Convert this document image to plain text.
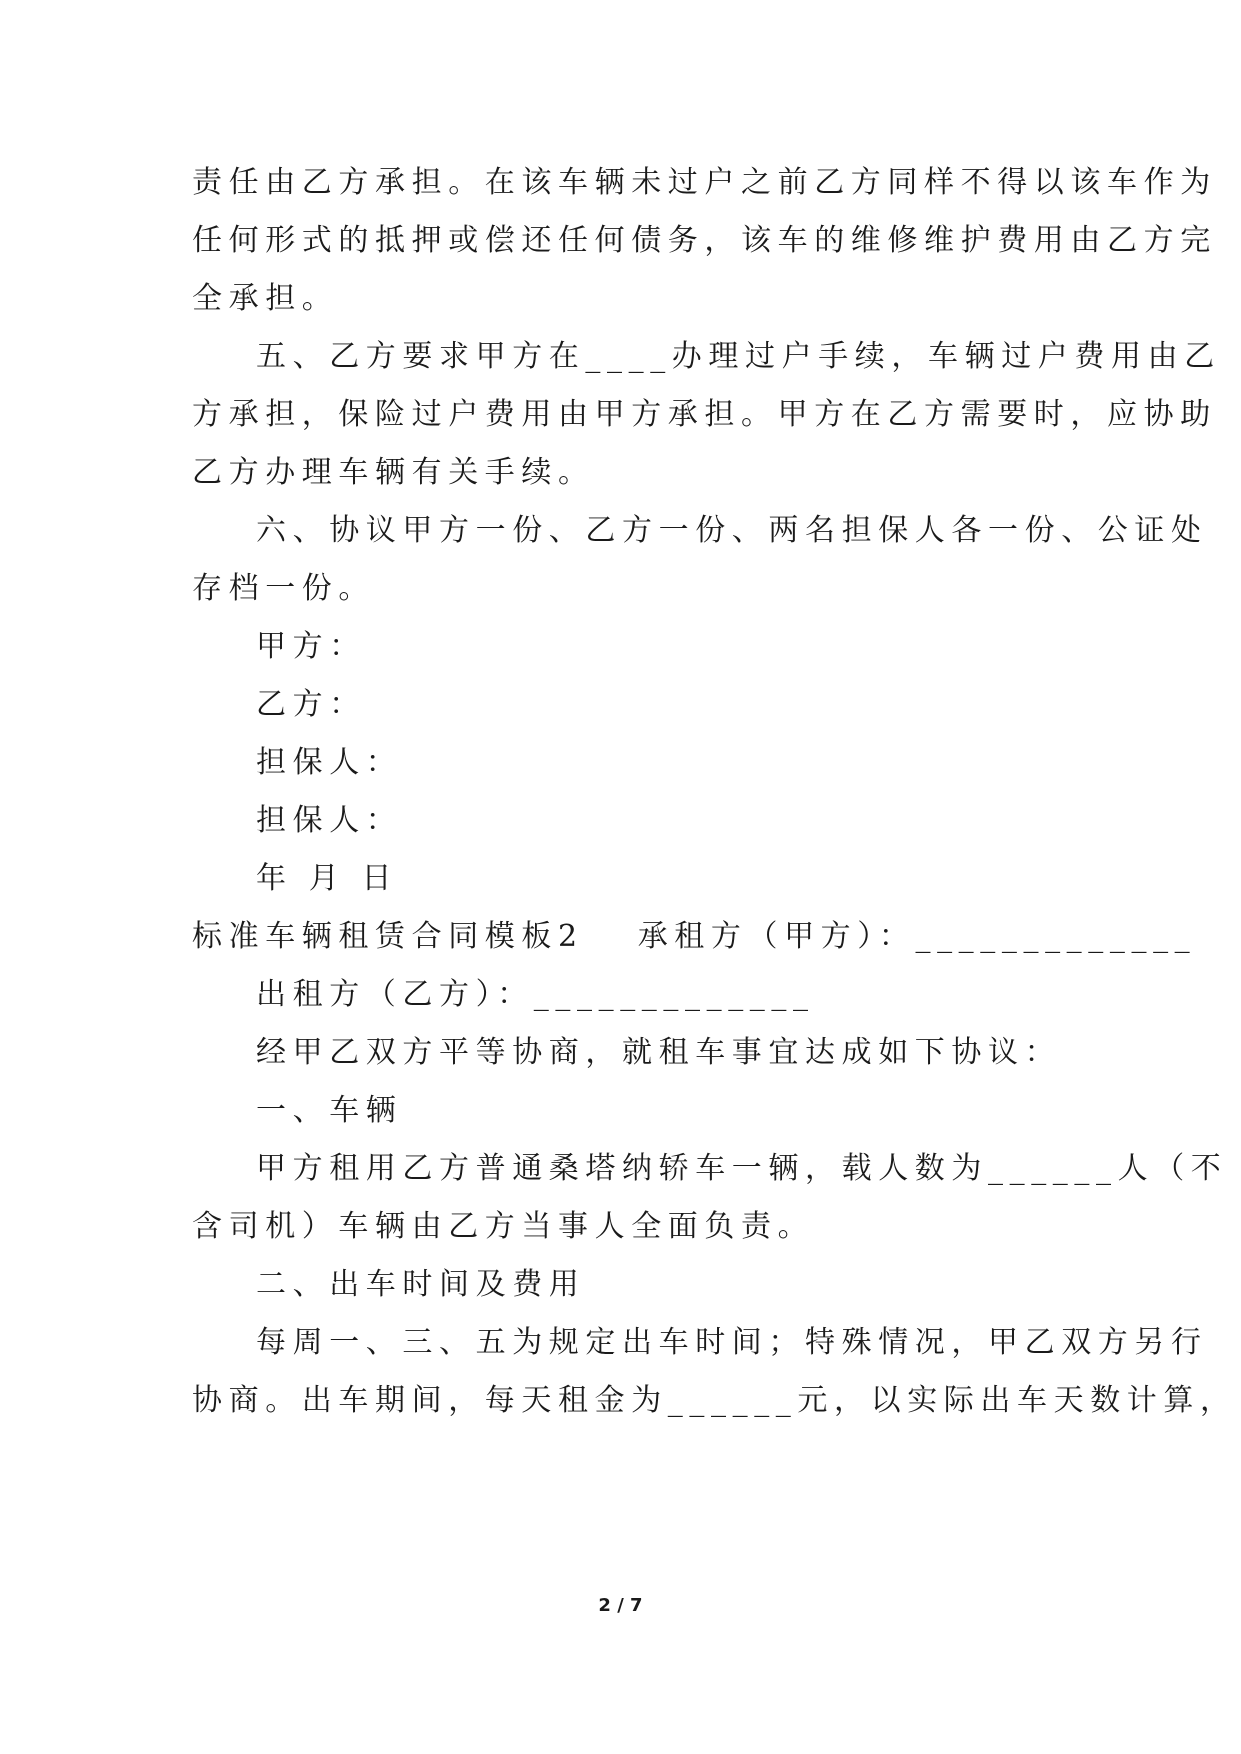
责任由乙方承担。在该车辆未过户之前乙方同样不得以该车作为
任何形式的抵押或偿还任何债务，该车的维修维护费用由乙方完
全承担。
五、乙方要求甲方在____办理过户手续，车辆过户费用由乙
方承担，保险过户费用由甲方承担。甲方在乙方需要时，应协助
乙方办理车辆有关手续。
六、协议甲方一份、乙方一份、两名担保人各一份、公证处
存档一份。
甲方：
乙方：
担保人：
担保人：
年 月 日
标准车辆租赁合同模板2 承租方（甲方）：_____________
出租方（乙方）：_____________
经甲乙双方平等协商，就租车事宜达成如下协议：
一、车辆
甲方租用乙方普通桑塔纳轿车一辆，载人数为______人（不
含司机）车辆由乙方当事人全面负责。
二、出车时间及费用
每周一、三、五为规定出车时间；特殊情况，甲乙双方另行
协商。出车期间，每天租金为______元，以实际出车天数计算，
2 / 7
